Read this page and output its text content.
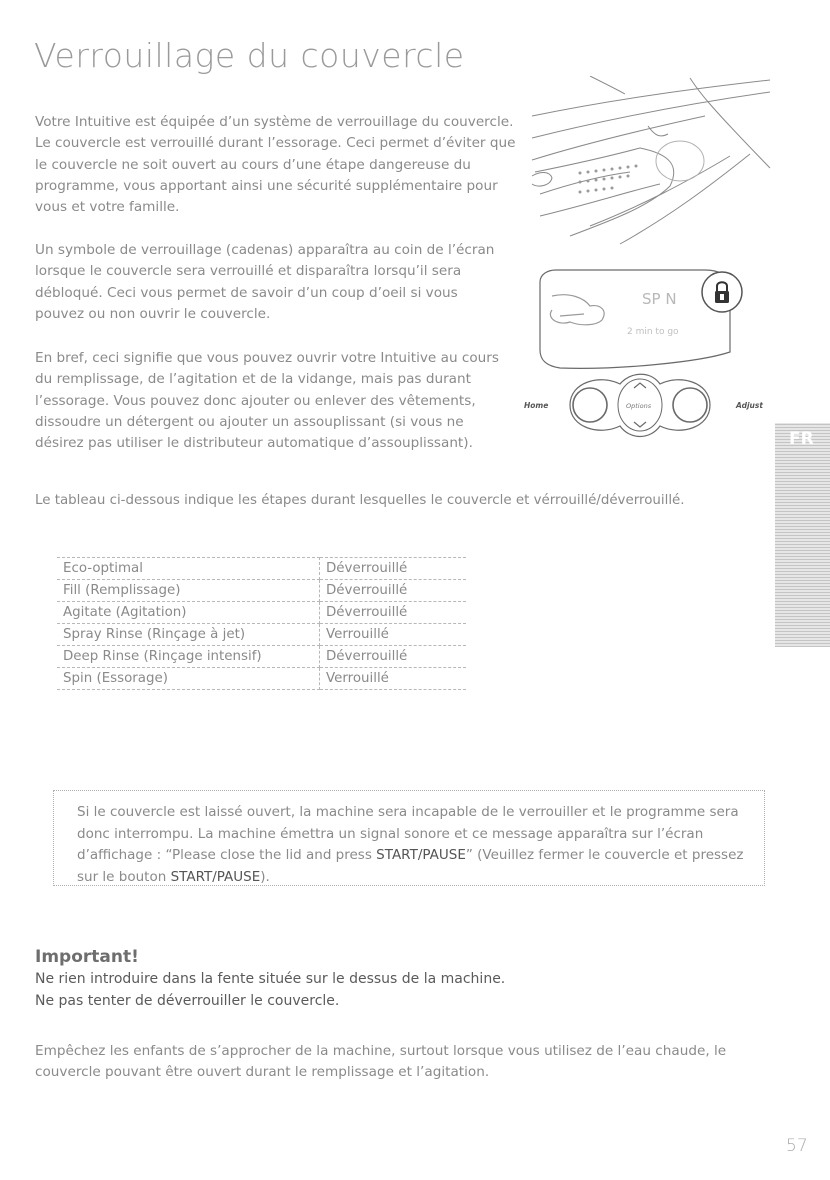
Verrouillage du couvercle

Votre Intuitive est équipée d’un système de verrouillage du couvercle. Le couvercle est verrouillé durant l’essorage. Ceci permet d’éviter que le couvercle ne soit ouvert au cours d’une étape dangereuse du programme, vous apportant ainsi une sécurité supplémentaire pour vous et votre famille.

Un symbole de verrouillage (cadenas) apparaîtra au coin de l’écran lorsque le couvercle sera verrouillé et disparaîtra lorsqu’il sera débloqué. Ceci vous permet de savoir d’un coup d’oeil si vous pouvez ou non ouvrir le couvercle.

En bref, ceci signifie que vous pouvez ouvrir votre Intuitive au cours du remplissage, de l’agitation et de la vidange, mais pas durant l’essorage. Vous pouvez donc ajouter ou enlever des vêtements, dissoudre un détergent ou ajouter un assouplissant (si vous ne désirez pas utiliser le distributeur automatique d’assouplissant).

Le tableau ci-dessous indique les étapes durant lesquelles le couvercle et vérrouillé/déverrouillé.

SP N
2 min to go
Home	Options	Adjust
FR
Eco-optimal	Déverrouillé
Fill (Remplissage)	Déverrouillé
Agitate (Agitation)	Déverrouillé
Spray Rinse (Rinçage à jet)	Verrouillé
Deep Rinse (Rinçage intensif)	Déverrouillé
Spin (Essorage)	Verrouillé

Si le couvercle est laissé ouvert, la machine sera incapable de le verrouiller et le programme sera donc interrompu. La machine émettra un signal sonore et ce message apparaîtra sur l’écran d’affichage : “Please close the lid and press START/PAUSE” (Veuillez fermer le couvercle et pressez sur le bouton START/PAUSE).

Important!

Ne rien introduire dans la fente située sur le dessus de la machine.

Ne pas tenter de déverrouiller le couvercle.

Empêchez les enfants de s’approcher de la machine, surtout lorsque vous utilisez de l’eau chaude, le couvercle pouvant être ouvert durant le remplissage et l’agitation.

57
